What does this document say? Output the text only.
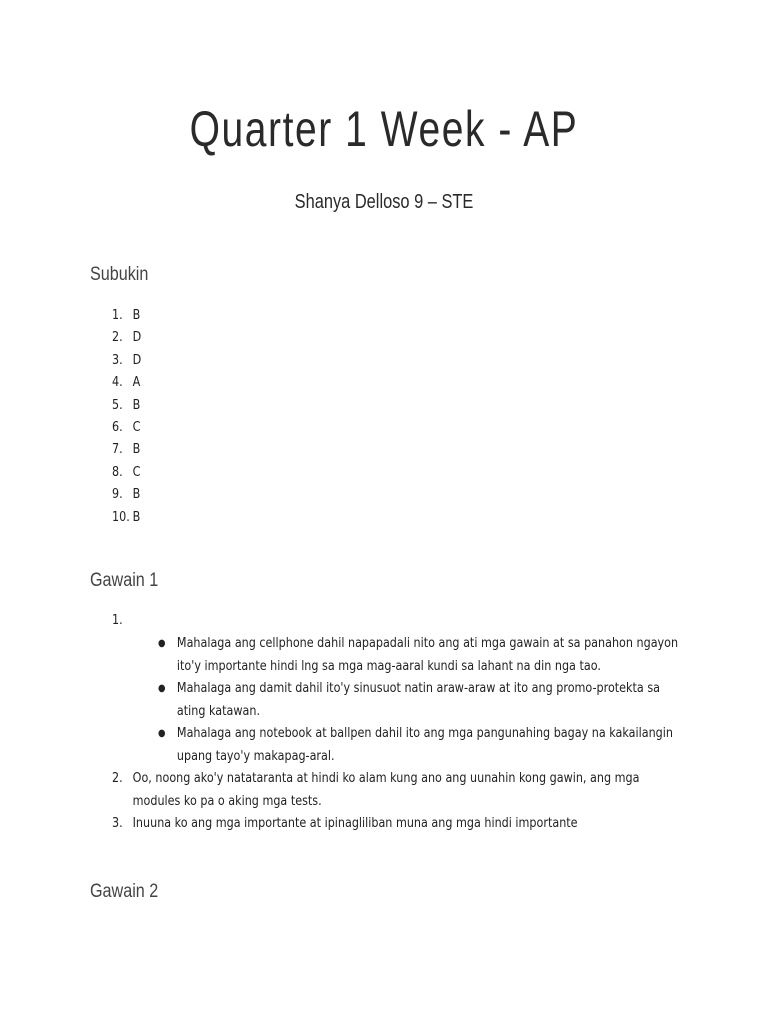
Quarter 1 Week - AP
Shanya Delloso 9 – STE
Subukin
1. B
2. D
3. D
4. A
5. B
6. C
7. B
8. C
9. B
10. B
Gawain 1
1.
● Mahalaga ang cellphone dahil napapadali nito ang ati mga gawain at sa panahon ngayon
ito'y importante hindi lng sa mga mag-aaral kundi sa lahant na din nga tao.
● Mahalaga ang damit dahil ito'y sinusuot natin araw-araw at ito ang promo-protekta sa
ating katawan.
● Mahalaga ang notebook at ballpen dahil ito ang mga pangunahing bagay na kakailangin
upang tayo'y makapag-aral.
2. Oo, noong ako'y natataranta at hindi ko alam kung ano ang uunahin kong gawin, ang mga
modules ko pa o aking mga tests.
3. Inuuna ko ang mga importante at ipinagliliban muna ang mga hindi importante
Gawain 2
